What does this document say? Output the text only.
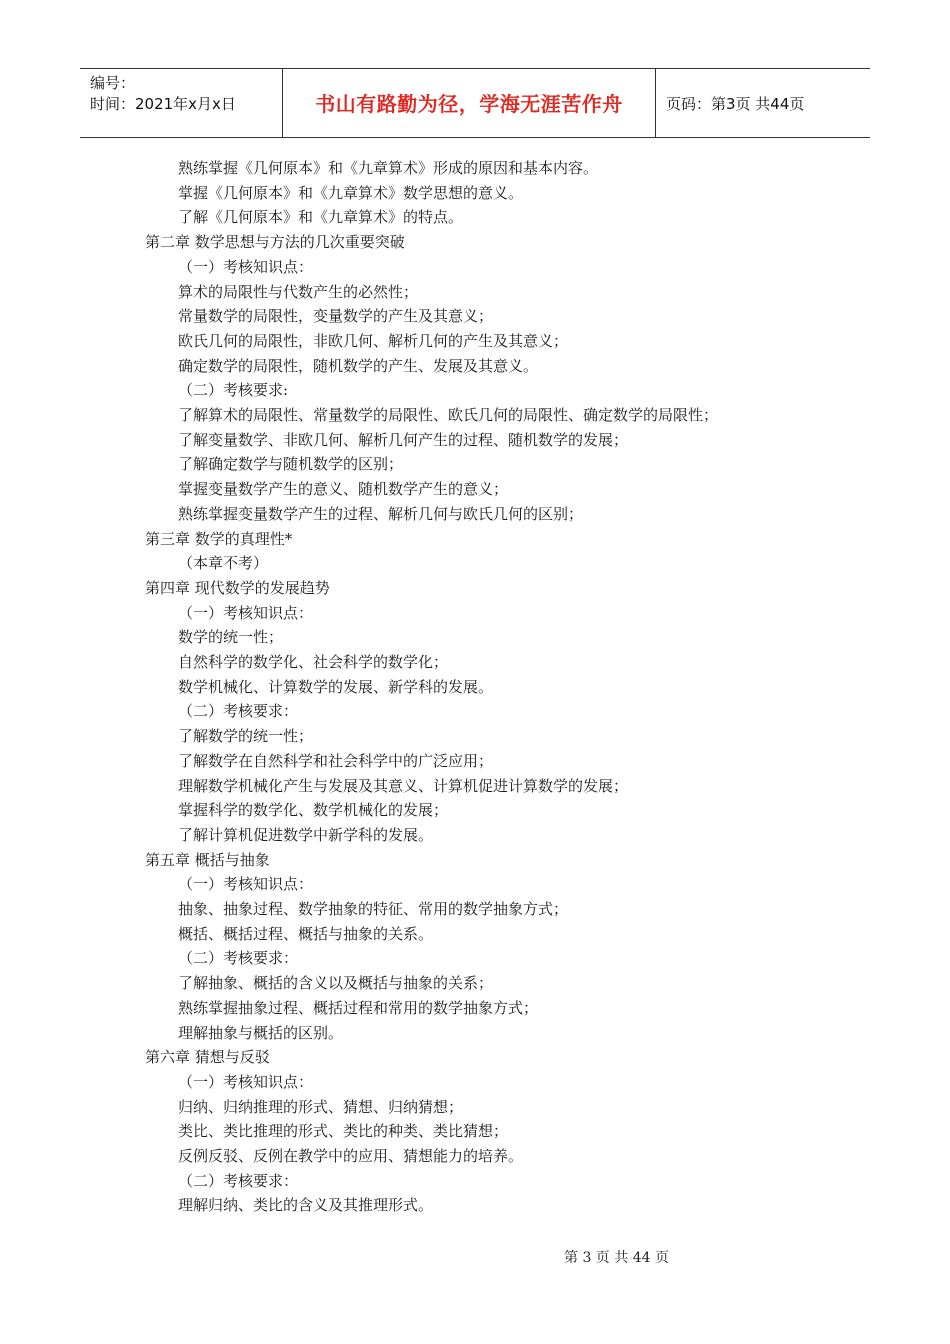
编号：
时间：2021年x月x日	书山有路勤为径，学海无涯苦作舟	页码：第3页 共44页
熟练掌握《几何原本》和《九章算术》形成的原因和基本内容。
掌握《几何原本》和《九章算术》数学思想的意义。
了解《几何原本》和《九章算术》的特点。
第二章 数学思想与方法的几次重要突破
（一）考核知识点：
算术的局限性与代数产生的必然性；
常量数学的局限性，变量数学的产生及其意义；
欧氏几何的局限性，非欧几何、解析几何的产生及其意义；
确定数学的局限性，随机数学的产生、发展及其意义。
（二）考核要求:
了解算术的局限性、常量数学的局限性、欧氏几何的局限性、确定数学的局限性；
了解变量数学、非欧几何、解析几何产生的过程、随机数学的发展；
了解确定数学与随机数学的区别；
掌握变量数学产生的意义、随机数学产生的意义；
熟练掌握变量数学产生的过程、解析几何与欧氏几何的区别；
第三章 数学的真理性*
（本章不考）
第四章 现代数学的发展趋势
（一）考核知识点：
数学的统一性；
自然科学的数学化、社会科学的数学化；
数学机械化、计算数学的发展、新学科的发展。
（二）考核要求：
了解数学的统一性；
了解数学在自然科学和社会科学中的广泛应用；
理解数学机械化产生与发展及其意义、计算机促进计算数学的发展；
掌握科学的数学化、数学机械化的发展；
了解计算机促进数学中新学科的发展。
第五章 概括与抽象
（一）考核知识点：
抽象、抽象过程、数学抽象的特征、常用的数学抽象方式；
概括、概括过程、概括与抽象的关系。
（二）考核要求：
了解抽象、概括的含义以及概括与抽象的关系；
熟练掌握抽象过程、概括过程和常用的数学抽象方式；
理解抽象与概括的区别。
第六章 猜想与反驳
（一）考核知识点：
归纳、归纳推理的形式、猜想、归纳猜想；
类比、类比推理的形式、类比的种类、类比猜想；
反例反驳、反例在教学中的应用、猜想能力的培养。
（二）考核要求：
理解归纳、类比的含义及其推理形式。
第 3 页 共 44 页
